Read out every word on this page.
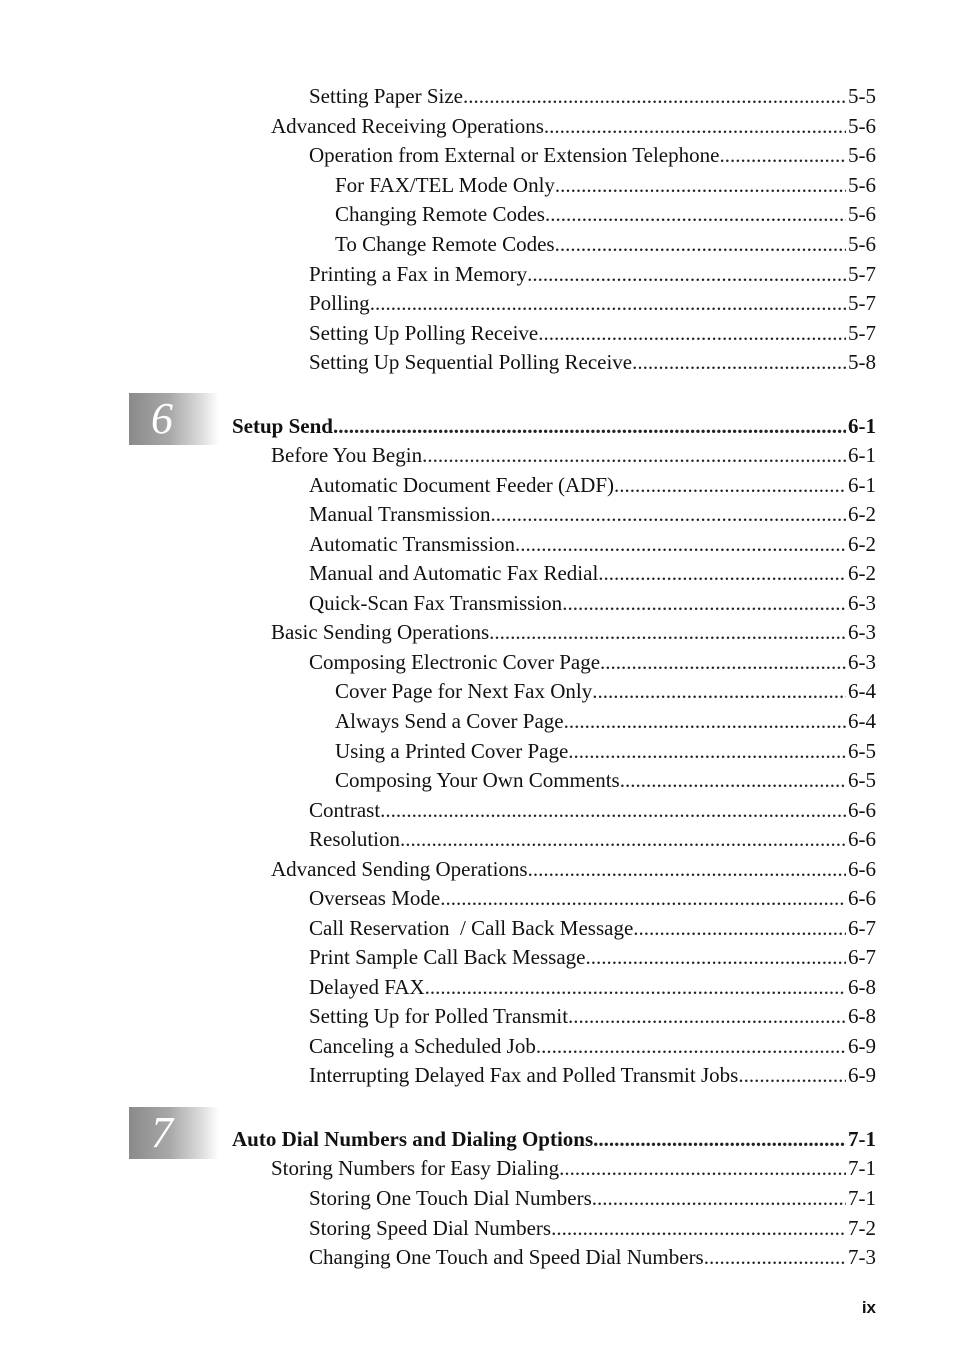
Setting Paper Size .....	5-5
Advanced Receiving Operations .....	5-6
Operation from External or Extension Telephone .....	5-6
For FAX/TEL Mode Only .....	5-6
Changing Remote Codes .....	5-6
To Change Remote Codes .....	5-6
Printing a Fax in Memory .....	5-7
Polling .....	5-7
Setting Up Polling Receive .....	5-7
Setting Up Sequential Polling Receive .....	5-8
6	Setup Send .....	6-1
Before You Begin .....	6-1
Automatic Document Feeder (ADF) .....	6-1
Manual Transmission .....	6-2
Automatic Transmission .....	6-2
Manual and Automatic Fax Redial .....	6-2
Quick-Scan Fax Transmission .....	6-3
Basic Sending Operations .....	6-3
Composing Electronic Cover Page .....	6-3
Cover Page for Next Fax Only .....	6-4
Always Send a Cover Page .....	6-4
Using a Printed Cover Page .....	6-5
Composing Your Own Comments .....	6-5
Contrast .....	6-6
Resolution .....	6-6
Advanced Sending Operations .....	6-6
Overseas Mode .....	6-6
Call Reservation  / Call Back Message .....	6-7
Print Sample Call Back Message .....	6-7
Delayed FAX .....	6-8
Setting Up for Polled Transmit .....	6-8
Canceling a Scheduled Job .....	6-9
Interrupting Delayed Fax and Polled Transmit Jobs .....	6-9
7	Auto Dial Numbers and Dialing Options .....	7-1
Storing Numbers for Easy Dialing .....	7-1
Storing One Touch Dial Numbers .....	7-1
Storing Speed Dial Numbers .....	7-2
Changing One Touch and Speed Dial Numbers .....	7-3
ix
